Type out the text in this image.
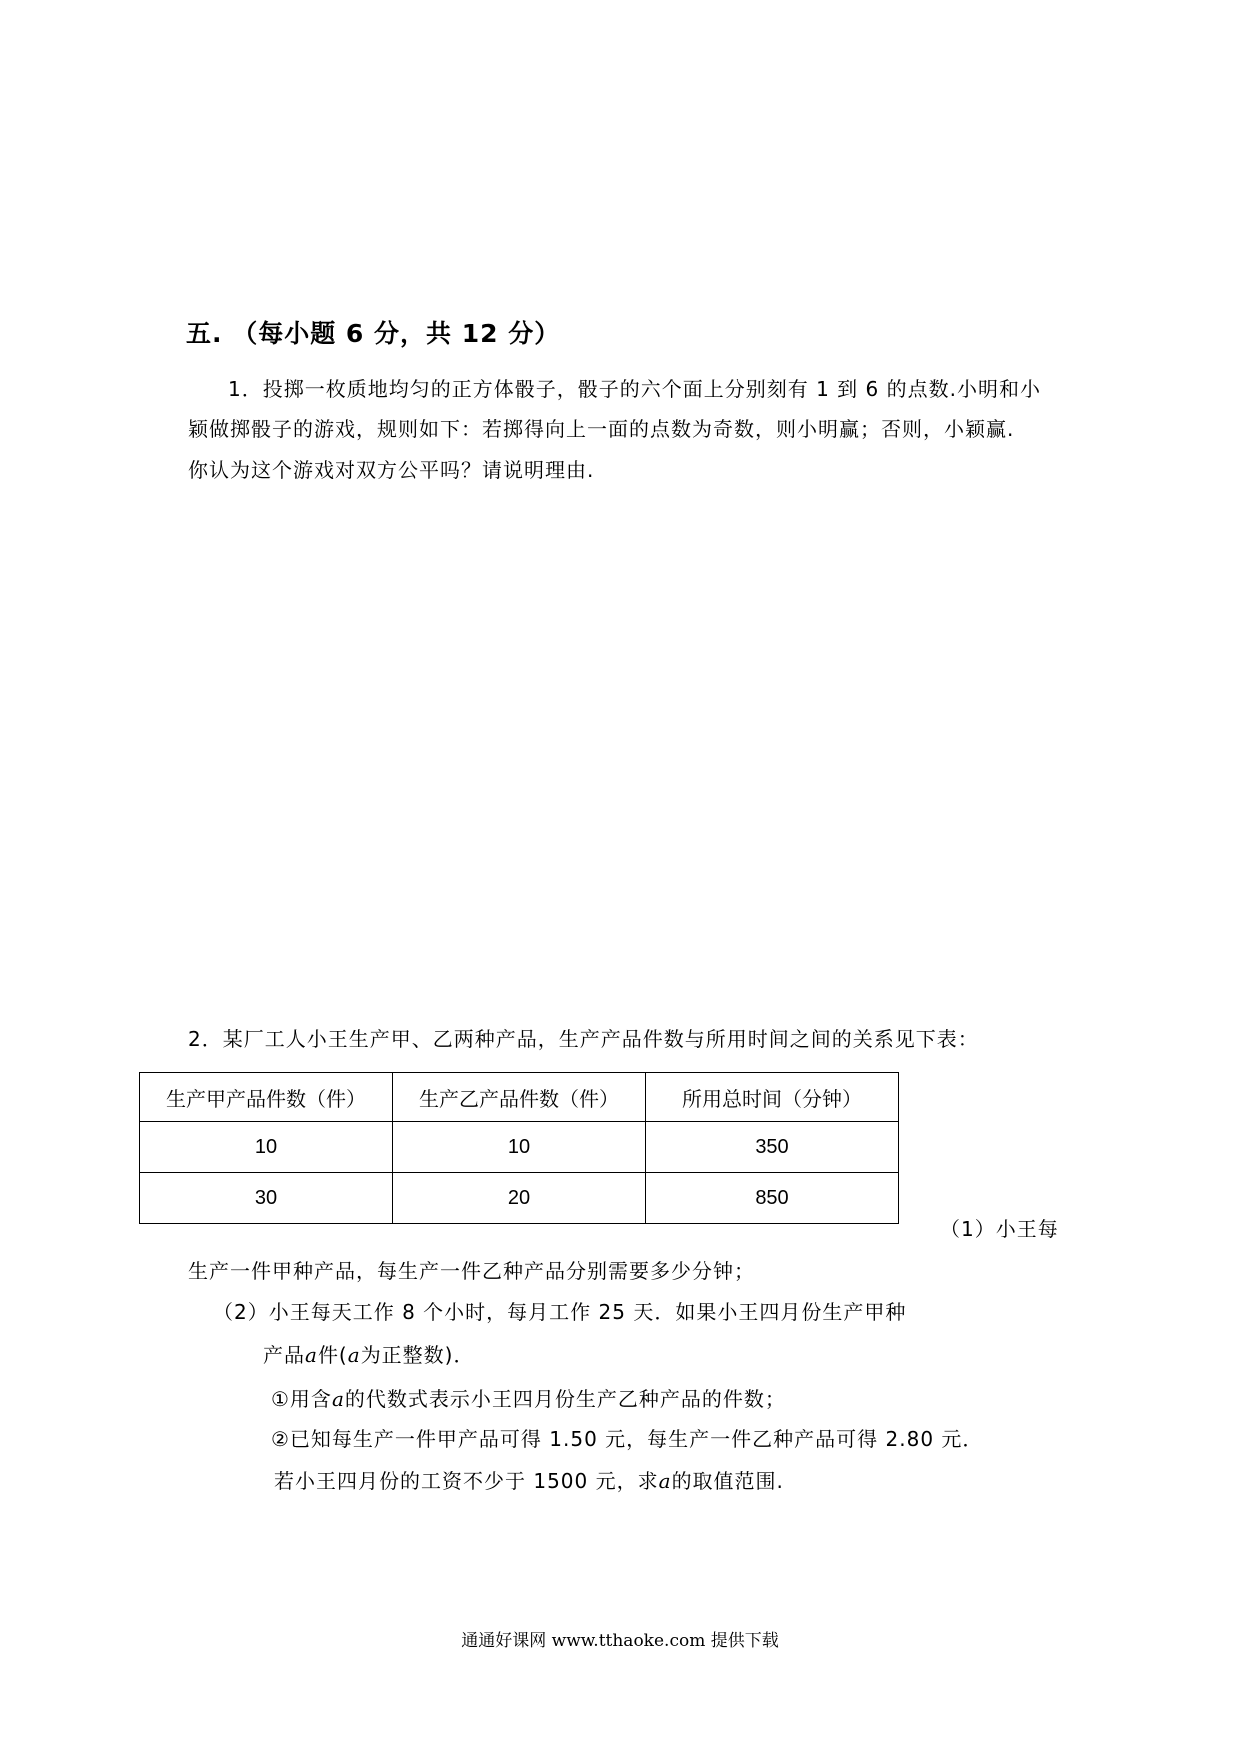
五. （每小题 6 分，共 12 分）
1．投掷一枚质地均匀的正方体骰子，骰子的六个面上分别刻有 1 到 6 的点数.小明和小
颖做掷骰子的游戏，规则如下：若掷得向上一面的点数为奇数，则小明赢；否则，小颖赢.
你认为这个游戏对双方公平吗？请说明理由.
2．某厂工人小王生产甲、乙两种产品，生产产品件数与所用时间之间的关系见下表：
生产甲产品件数（件）	生产乙产品件数（件）	所用总时间（分钟）
10	10	350
30	20	850
（1）小王每
生产一件甲种产品，每生产一件乙种产品分别需要多少分钟；
（2）小王每天工作 8 个小时，每月工作 25 天．如果小王四月份生产甲种
产品a件(a为正整数)．
①用含a的代数式表示小王四月份生产乙种产品的件数；
②已知每生产一件甲产品可得 1.50 元，每生产一件乙种产品可得 2.80 元．
若小王四月份的工资不少于 1500 元，求a的取值范围.
通通好课网 www.tthaoke.com 提供下载
